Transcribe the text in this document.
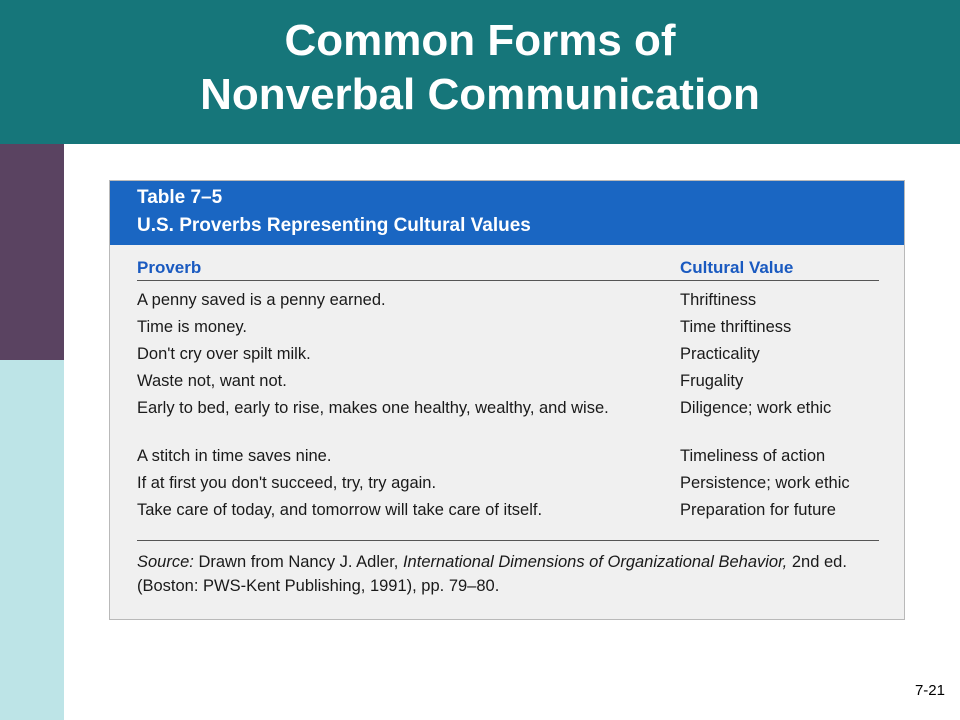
Common Forms of
Nonverbal Communication
Table 7–5
U.S. Proverbs Representing Cultural Values
Proverb	Cultural Value
A penny saved is a penny earned.	Thriftiness
Time is money.	Time thriftiness
Don't cry over spilt milk.	Practicality
Waste not, want not.	Frugality
Early to bed, early to rise, makes one healthy, wealthy, and wise.	Diligence; work ethic
A stitch in time saves nine.	Timeliness of action
If at first you don't succeed, try, try again.	Persistence; work ethic
Take care of today, and tomorrow will take care of itself.	Preparation for future
Source: Drawn from Nancy J. Adler, International Dimensions of Organizational Behavior, 2nd ed. (Boston: PWS-Kent Publishing, 1991), pp. 79–80.
7-21
